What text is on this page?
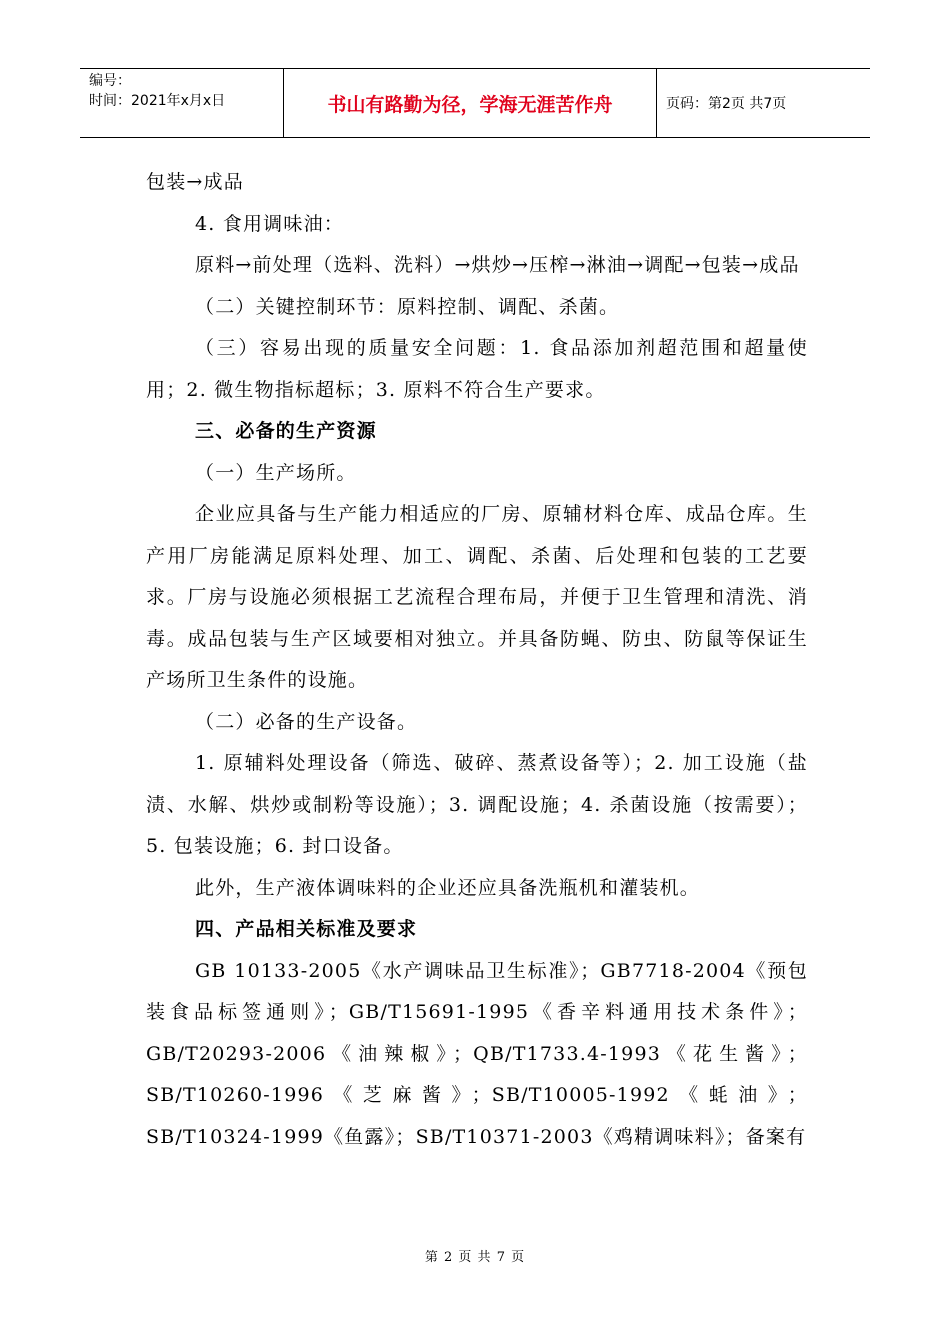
编号：
时间：2021年x月x日	书山有路勤为径，学海无涯苦作舟	页码：第2页 共7页

包装→成品

4. 食用调味油：

原料→前处理（选料、洗料）→烘炒→压榨→淋油→调配→包装→成品

（二）关键控制环节：原料控制、调配、杀菌。

（三）容易出现的质量安全问题：1. 食品添加剂超范围和超量使用；2. 微生物指标超标；3. 原料不符合生产要求。

三、必备的生产资源

（一）生产场所。

企业应具备与生产能力相适应的厂房、原辅材料仓库、成品仓库。生产用厂房能满足原料处理、加工、调配、杀菌、后处理和包装的工艺要求。厂房与设施必须根据工艺流程合理布局，并便于卫生管理和清洗、消毒。成品包装与生产区域要相对独立。并具备防蝇、防虫、防鼠等保证生产场所卫生条件的设施。

（二）必备的生产设备。

1. 原辅料处理设备（筛选、破碎、蒸煮设备等）；2. 加工设施（盐渍、水解、烘炒或制粉等设施）；3. 调配设施；4. 杀菌设施（按需要）；5. 包装设施；6. 封口设备。

此外，生产液体调味料的企业还应具备洗瓶机和灌装机。

四、产品相关标准及要求

GB 10133-2005《水产调味品卫生标准》；GB7718-2004《预包装食品标签通则》；GB/T15691-1995《香辛料通用技术条件》；GB/T20293-2006《油辣椒》；QB/T1733.4-1993《花生酱》；SB/T10260-1996《芝麻酱》；SB/T10005-1992《蚝油》；SB/T10324-1999《鱼露》；SB/T10371-2003《鸡精调味料》；备案有

第 2 页 共 7 页
